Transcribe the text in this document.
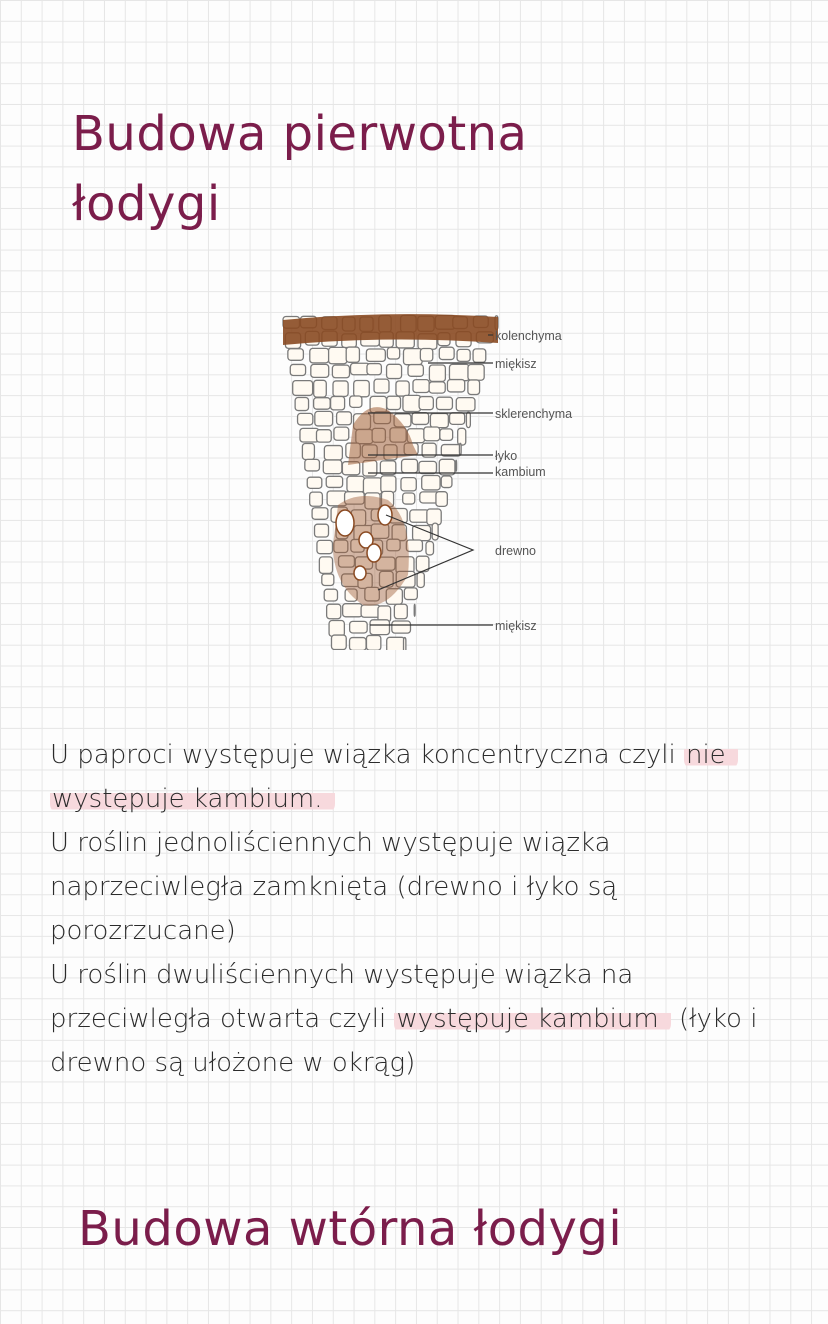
Budowa pierwotna łodygi
kolenchyma
miękisz
sklerenchyma
łyko
kambium
drewno
miękisz
U paproci występuje wiązka koncentryczna czyli nie
występuje kambium.
U roślin jednoliściennych występuje wiązka
naprzeciwległa zamknięta (drewno i łyko są
porozrzucane)
U roślin dwuliściennych występuje wiązka na
przeciwległa otwarta czyli występuje kambium (łyko i
drewno są ułożone w okrąg)
Budowa wtórna łodygi
